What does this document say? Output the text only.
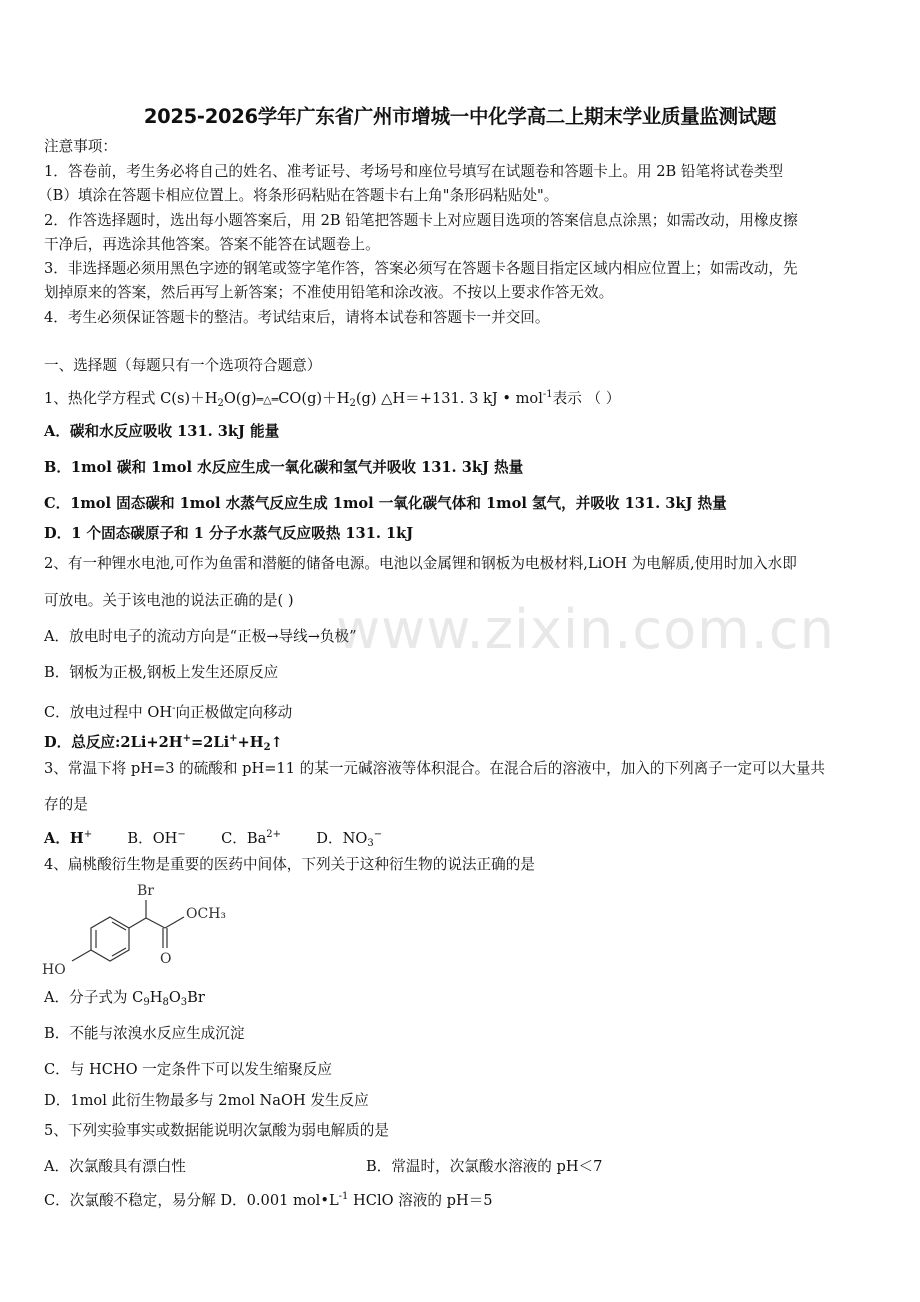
2025-2026学年广东省广州市增城一中化学高二上期末学业质量监测试题
注意事项：
1．答卷前，考生务必将自己的姓名、准考证号、考场号和座位号填写在试题卷和答题卡上。用 2B 铅笔将试卷类型
（B）填涂在答题卡相应位置上。将条形码粘贴在答题卡右上角"条形码粘贴处"。
2．作答选择题时，选出每小题答案后，用 2B 铅笔把答题卡上对应题目选项的答案信息点涂黑；如需改动，用橡皮擦
干净后，再选涂其他答案。答案不能答在试题卷上。
3．非选择题必须用黑色字迹的钢笔或签字笔作答，答案必须写在答题卡各题目指定区域内相应位置上；如需改动，先
划掉原来的答案，然后再写上新答案；不准使用铅笔和涂改液。不按以上要求作答无效。
4．考生必须保证答题卡的整洁。考试结束后，请将本试卷和答题卡一并交回。
一、选择题（每题只有一个选项符合题意）
1、热化学方程式 $C(s)+H_2O(g)═\triangle═CO(g)+H_2(g)$ △H＝+131. 3 kJ • mol$^{-1}$表示 （ ）
A．碳和水反应吸收 131. 3kJ 能量
B．1mol 碳和 1mol 水反应生成一氧化碳和氢气并吸收 131. 3kJ 热量
C．1mol 固态碳和 1mol 水蒸气反应生成 1mol 一氧化碳气体和 1mol 氢气，并吸收 131. 3kJ 热量
D．1 个固态碳原子和 1 分子水蒸气反应吸热 131. 1kJ
2、有一种锂水电池,可作为鱼雷和潜艇的储备电源。电池以金属锂和钢板为电极材料,LiOH 为电解质,使用时加入水即
可放电。关于该电池的说法正确的是( )
A．放电时电子的流动方向是“正极→导线→负极”
B．钢板为正极,钢板上发生还原反应
C．放电过程中 OH-向正极做定向移动
D．总反应$:2Li+2H^+=2Li^++H_2↑$
3、常温下将 pH=3 的硫酸和 pH=11 的某一元碱溶液等体积混合。在混合后的溶液中，加入的下列离子一定可以大量共
存的是
A．H+ B．OH− C．$Ba^{2+}$ D．$NO_3^-$
4、扁桃酸衍生物是重要的医药中间体，下列关于这种衍生物的说法正确的是
Br
OCH₃
HO
O
A．分子式为 $C_9H_8O_3Br$
B．不能与浓溴水反应生成沉淀
C．与 HCHO 一定条件下可以发生缩聚反应
D．1mol 此衍生物最多与 2mol NaOH 发生反应
5、下列实验事实或数据能说明次氯酸为弱电解质的是
A．次氯酸具有漂白性	B．常温时，次氯酸水溶液的 pH＜7
C．次氯酸不稳定，易分解 D．0.001 $mol•L^{-1}$ HClO 溶液的 pH＝5
www.zixin.com.cn
